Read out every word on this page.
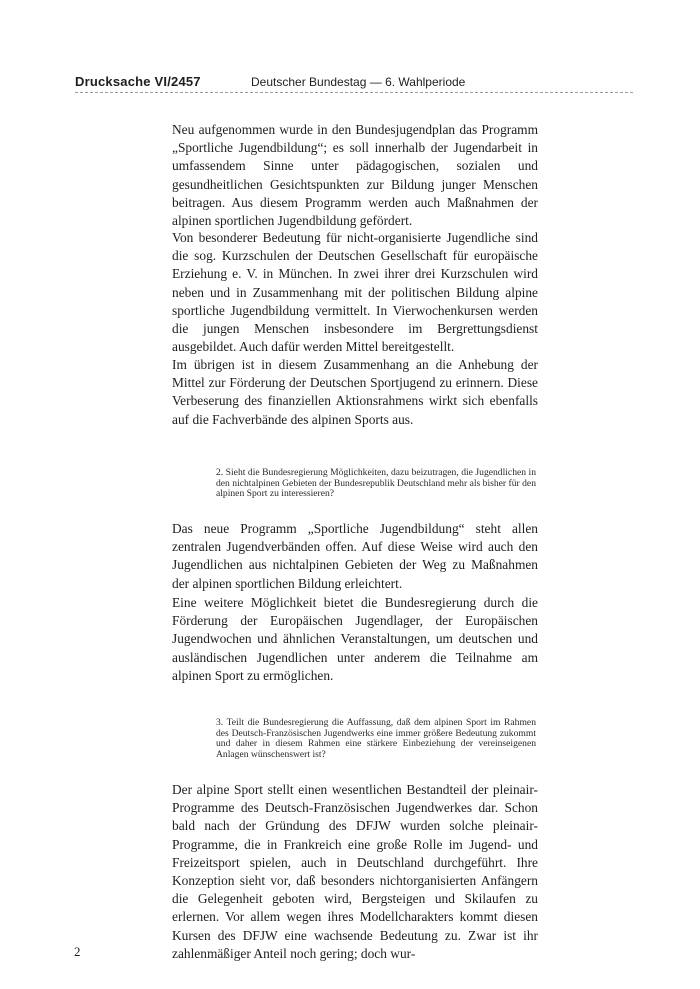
Drucksache VI/2457	Deutscher Bundestag — 6. Wahlperiode

Neu aufgenommen wurde in den Bundesjugendplan das Programm „Sportliche Jugendbildung“; es soll innerhalb der Jugendarbeit in umfassendem Sinne unter pädagogischen, sozialen und gesundheitlichen Gesichtspunkten zur Bildung junger Menschen beitragen. Aus diesem Programm werden auch Maßnahmen der alpinen sportlichen Jugendbildung gefördert.

Von besonderer Bedeutung für nicht-organisierte Jugendliche sind die sog. Kurzschulen der Deutschen Gesellschaft für europäische Erziehung e. V. in München. In zwei ihrer drei Kurzschulen wird neben und in Zusammenhang mit der politischen Bildung alpine sportliche Jugendbildung vermittelt. In Vierwochenkursen werden die jungen Menschen insbesondere im Bergrettungsdienst ausgebildet. Auch dafür werden Mittel bereitgestellt.

Im übrigen ist in diesem Zusammenhang an die Anhebung der Mittel zur Förderung der Deutschen Sportjugend zu erinnern. Diese Verbeserung des finanziellen Aktionsrahmens wirkt sich ebenfalls auf die Fachverbände des alpinen Sports aus.

2. Sieht die Bundesregierung Möglichkeiten, dazu beizutragen, die Jugendlichen in den nichtalpinen Gebieten der Bundesrepublik Deutschland mehr als bisher für den alpinen Sport zu interessieren?

Das neue Programm „Sportliche Jugendbildung“ steht allen zentralen Jugendverbänden offen. Auf diese Weise wird auch den Jugendlichen aus nichtalpinen Gebieten der Weg zu Maßnahmen der alpinen sportlichen Bildung erleichtert.

Eine weitere Möglichkeit bietet die Bundesregierung durch die Förderung der Europäischen Jugendlager, der Europäischen Jugendwochen und ähnlichen Veranstaltungen, um deutschen und ausländischen Jugendlichen unter anderem die Teilnahme am alpinen Sport zu ermöglichen.

3. Teilt die Bundesregierung die Auffassung, daß dem alpinen Sport im Rahmen des Deutsch-Französischen Jugendwerks eine immer größere Bedeutung zukommt und daher in diesem Rahmen eine stärkere Einbeziehung der vereinseigenen Anlagen wünschenswert ist?

Der alpine Sport stellt einen wesentlichen Bestandteil der pleinair-Programme des Deutsch-Französischen Jugendwerkes dar. Schon bald nach der Gründung des DFJW wurden solche pleinair-Programme, die in Frankreich eine große Rolle im Jugend- und Freizeitsport spielen, auch in Deutschland durchgeführt. Ihre Konzeption sieht vor, daß besonders nichtorganisierten Anfängern die Gelegenheit geboten wird, Bergsteigen und Skilaufen zu erlernen. Vor allem wegen ihres Modellcharakters kommt diesen Kursen des DFJW eine wachsende Bedeutung zu. Zwar ist ihr zahlenmäßiger Anteil noch gering; doch wur-

2
